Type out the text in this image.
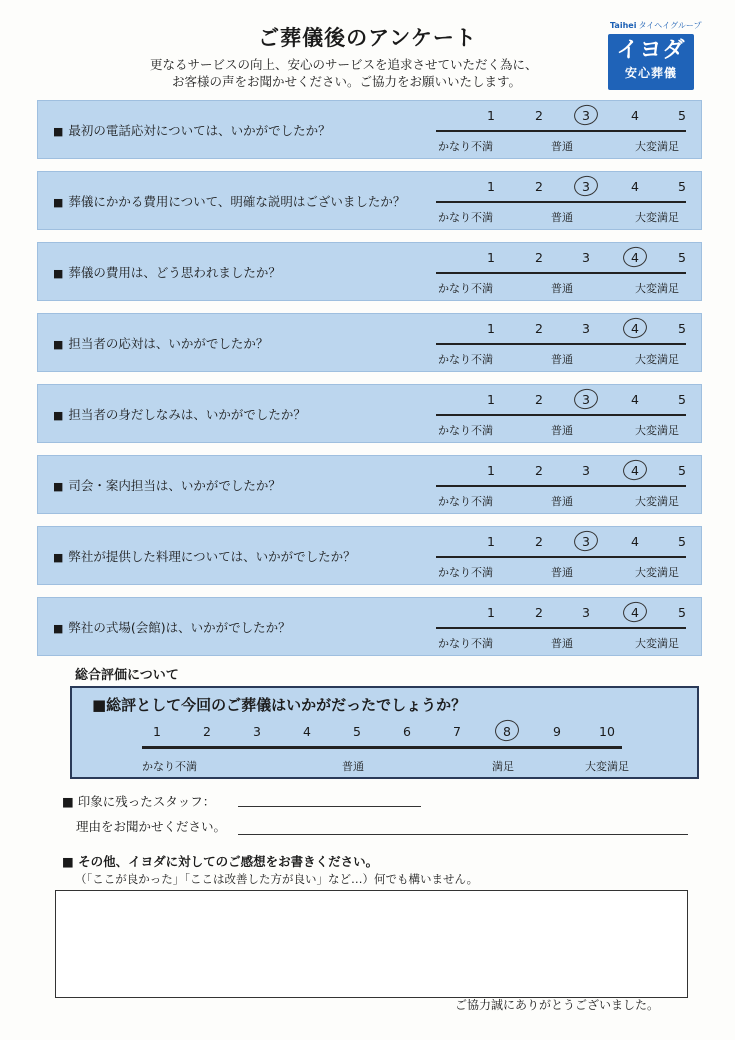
ご葬儀後のアンケート
更なるサービスの向上、安心のサービスを追求させていただく為に、
お客様の声をお聞かせください。ご協力をお願いいたします。
Taihei タイヘイグループ
イヨダ
安心葬儀
■ 最初の電話応対については、いかがでしたか？
1	2	3	4	5
かなり不満	普通	大変満足
■ 葬儀にかかる費用について、明確な説明はございましたか？
1	2	3	4	5
かなり不満	普通	大変満足
■ 葬儀の費用は、どう思われましたか？
1	2	3	4	5
かなり不満	普通	大変満足
■ 担当者の応対は、いかがでしたか？
1	2	3	4	5
かなり不満	普通	大変満足
■ 担当者の身だしなみは、いかがでしたか？
1	2	3	4	5
かなり不満	普通	大変満足
■ 司会・案内担当は、いかがでしたか？
1	2	3	4	5
かなり不満	普通	大変満足
■ 弊社が提供した料理については、いかがでしたか？
1	2	3	4	5
かなり不満	普通	大変満足
■ 弊社の式場(会館)は、いかがでしたか？
1	2	3	4	5
かなり不満	普通	大変満足
総合評価について
■総評として今回のご葬儀はいかがだったでしょうか？
1	2	3	4	5	6	7	8	9	10
かなり不満	普通	満足	大変満足
■ 印象に残ったスタッフ：
理由をお聞かせください。
■ その他、イヨダに対してのご感想をお書きください。
（「ここが良かった」「ここは改善した方が良い」など…）何でも構いません。
ご協力誠にありがとうございました。
